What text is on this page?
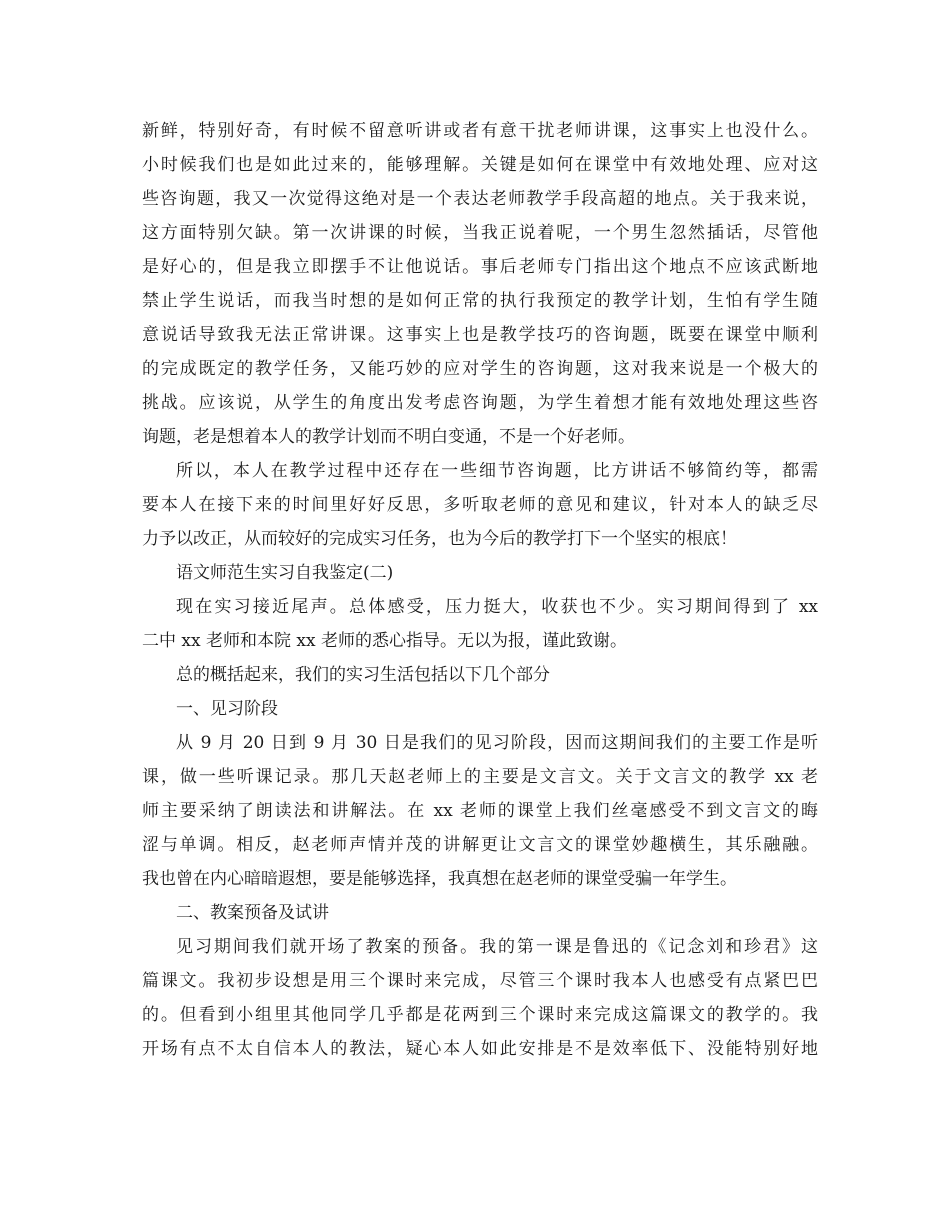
新鲜，特别好奇，有时候不留意听讲或者有意干扰老师讲课，这事实上也没什么。
小时候我们也是如此过来的，能够理解。关键是如何在课堂中有效地处理、应对这
些咨询题，我又一次觉得这绝对是一个表达老师教学手段高超的地点。关于我来说，
这方面特别欠缺。第一次讲课的时候，当我正说着呢，一个男生忽然插话，尽管他
是好心的，但是我立即摆手不让他说话。事后老师专门指出这个地点不应该武断地
禁止学生说话，而我当时想的是如何正常的执行我预定的教学计划，生怕有学生随
意说话导致我无法正常讲课。这事实上也是教学技巧的咨询题，既要在课堂中顺利
的完成既定的教学任务，又能巧妙的应对学生的咨询题，这对我来说是一个极大的
挑战。应该说，从学生的角度出发考虑咨询题，为学生着想才能有效地处理这些咨
询题，老是想着本人的教学计划而不明白变通，不是一个好老师。
所以，本人在教学过程中还存在一些细节咨询题，比方讲话不够简约等，都需
要本人在接下来的时间里好好反思，多听取老师的意见和建议，针对本人的缺乏尽
力予以改正，从而较好的完成实习任务，也为今后的教学打下一个坚实的根底！
语文师范生实习自我鉴定(二)
现在实习接近尾声。总体感受，压力挺大，收获也不少。实习期间得到了 xx
二中 xx 老师和本院 xx 老师的悉心指导。无以为报，谨此致谢。
总的概括起来，我们的实习生活包括以下几个部分
一、见习阶段
从 9 月 20 日到 9 月 30 日是我们的见习阶段，因而这期间我们的主要工作是听
课，做一些听课记录。那几天赵老师上的主要是文言文。关于文言文的教学 xx 老
师主要采纳了朗读法和讲解法。在 xx 老师的课堂上我们丝毫感受不到文言文的晦
涩与单调。相反，赵老师声情并茂的讲解更让文言文的课堂妙趣横生，其乐融融。
我也曾在内心暗暗遐想，要是能够选择，我真想在赵老师的课堂受骗一年学生。
二、教案预备及试讲
见习期间我们就开场了教案的预备。我的第一课是鲁迅的《记念刘和珍君》这
篇课文。我初步设想是用三个课时来完成，尽管三个课时我本人也感受有点紧巴巴
的。但看到小组里其他同学几乎都是花两到三个课时来完成这篇课文的教学的。我
开场有点不太自信本人的教法，疑心本人如此安排是不是效率低下、没能特别好地
